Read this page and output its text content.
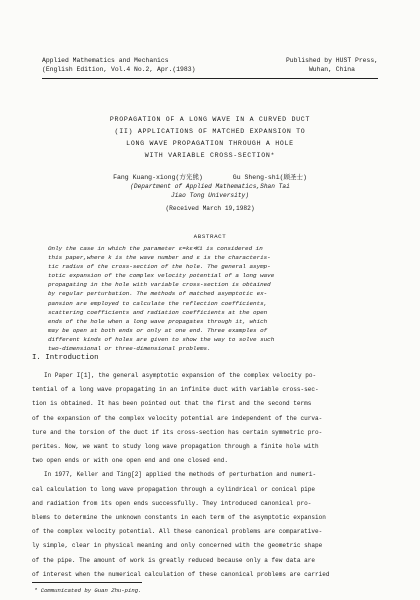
Applied Mathematics and Mechanics
(English Edition, Vol.4 No.2, Apr.(1983)
Published by HUST Press,
Wuhan, China
PROPAGATION OF A LONG WAVE IN A CURVED DUCT
(II) APPLICATIONS OF MATCHED EXPANSION TO
LONG WAVE PROPAGATION THROUGH A HOLE
WITH VARIABLE CROSS-SECTION*
Fang Kuang-xiong(方光熊)	Gu Sheng-shi(顾圣士)
(Department of Applied Mathematics,Shan Tai
Jiao Tong University)
(Received March 19,1982)
ABSTRACT
Only the case in which the parameter ε=kε≪1 is considered in
this paper,where k is the wave number and ε is the characteris-
tic radius of the cross-section of the hole. The general asymp-
totic expansion of the complex velocity potential of a long wave
propagating in the hole with variable cross-section is obtained
by regular perturbation. The methods of matched asymptotic ex-
pansion are employed to calculate the reflection coefficients,
scattering coefficients and radiation coefficients at the open
ends of the hole when a long wave propagates through it, which
may be open at both ends or only at one end. Three examples of
different kinds of holes are given to show the way to solve such
two-dimensional or three-dimensional problems.
I. Introduction
In Paper I[1], the general asymptotic expansion of the complex velocity po-
tential of a long wave propagating in an infinite duct with variable cross-sec-
tion is obtained. It has been pointed out that the first and the second terms
of the expansion of the complex velocity potential are independent of the curva-
ture and the torsion of the duct if its cross-section has certain symmetric pro-
perites. Now, we want to study long wave propagation through a finite hole with
two open ends or with one open end and one closed end.
In 1977, Keller and Ting[2] applied the methods of perturbation and numeri-
cal calculation to long wave propagation through a cylindrical or conical pipe
and radiation from its open ends successfully. They introduced canonical pro-
blems to determine the unknown constants in each term of the asymptotic expansion
of the complex velocity potential. All these canonical problems are comparative-
ly simple, clear in physical meaning and only concerned with the geometric shape
of the pipe. The amount of work is greatly reduced because only a few data are
of interest when the numerical calculation of these canonical problems are carried
* Communicated by Guan Zhu-ping.
